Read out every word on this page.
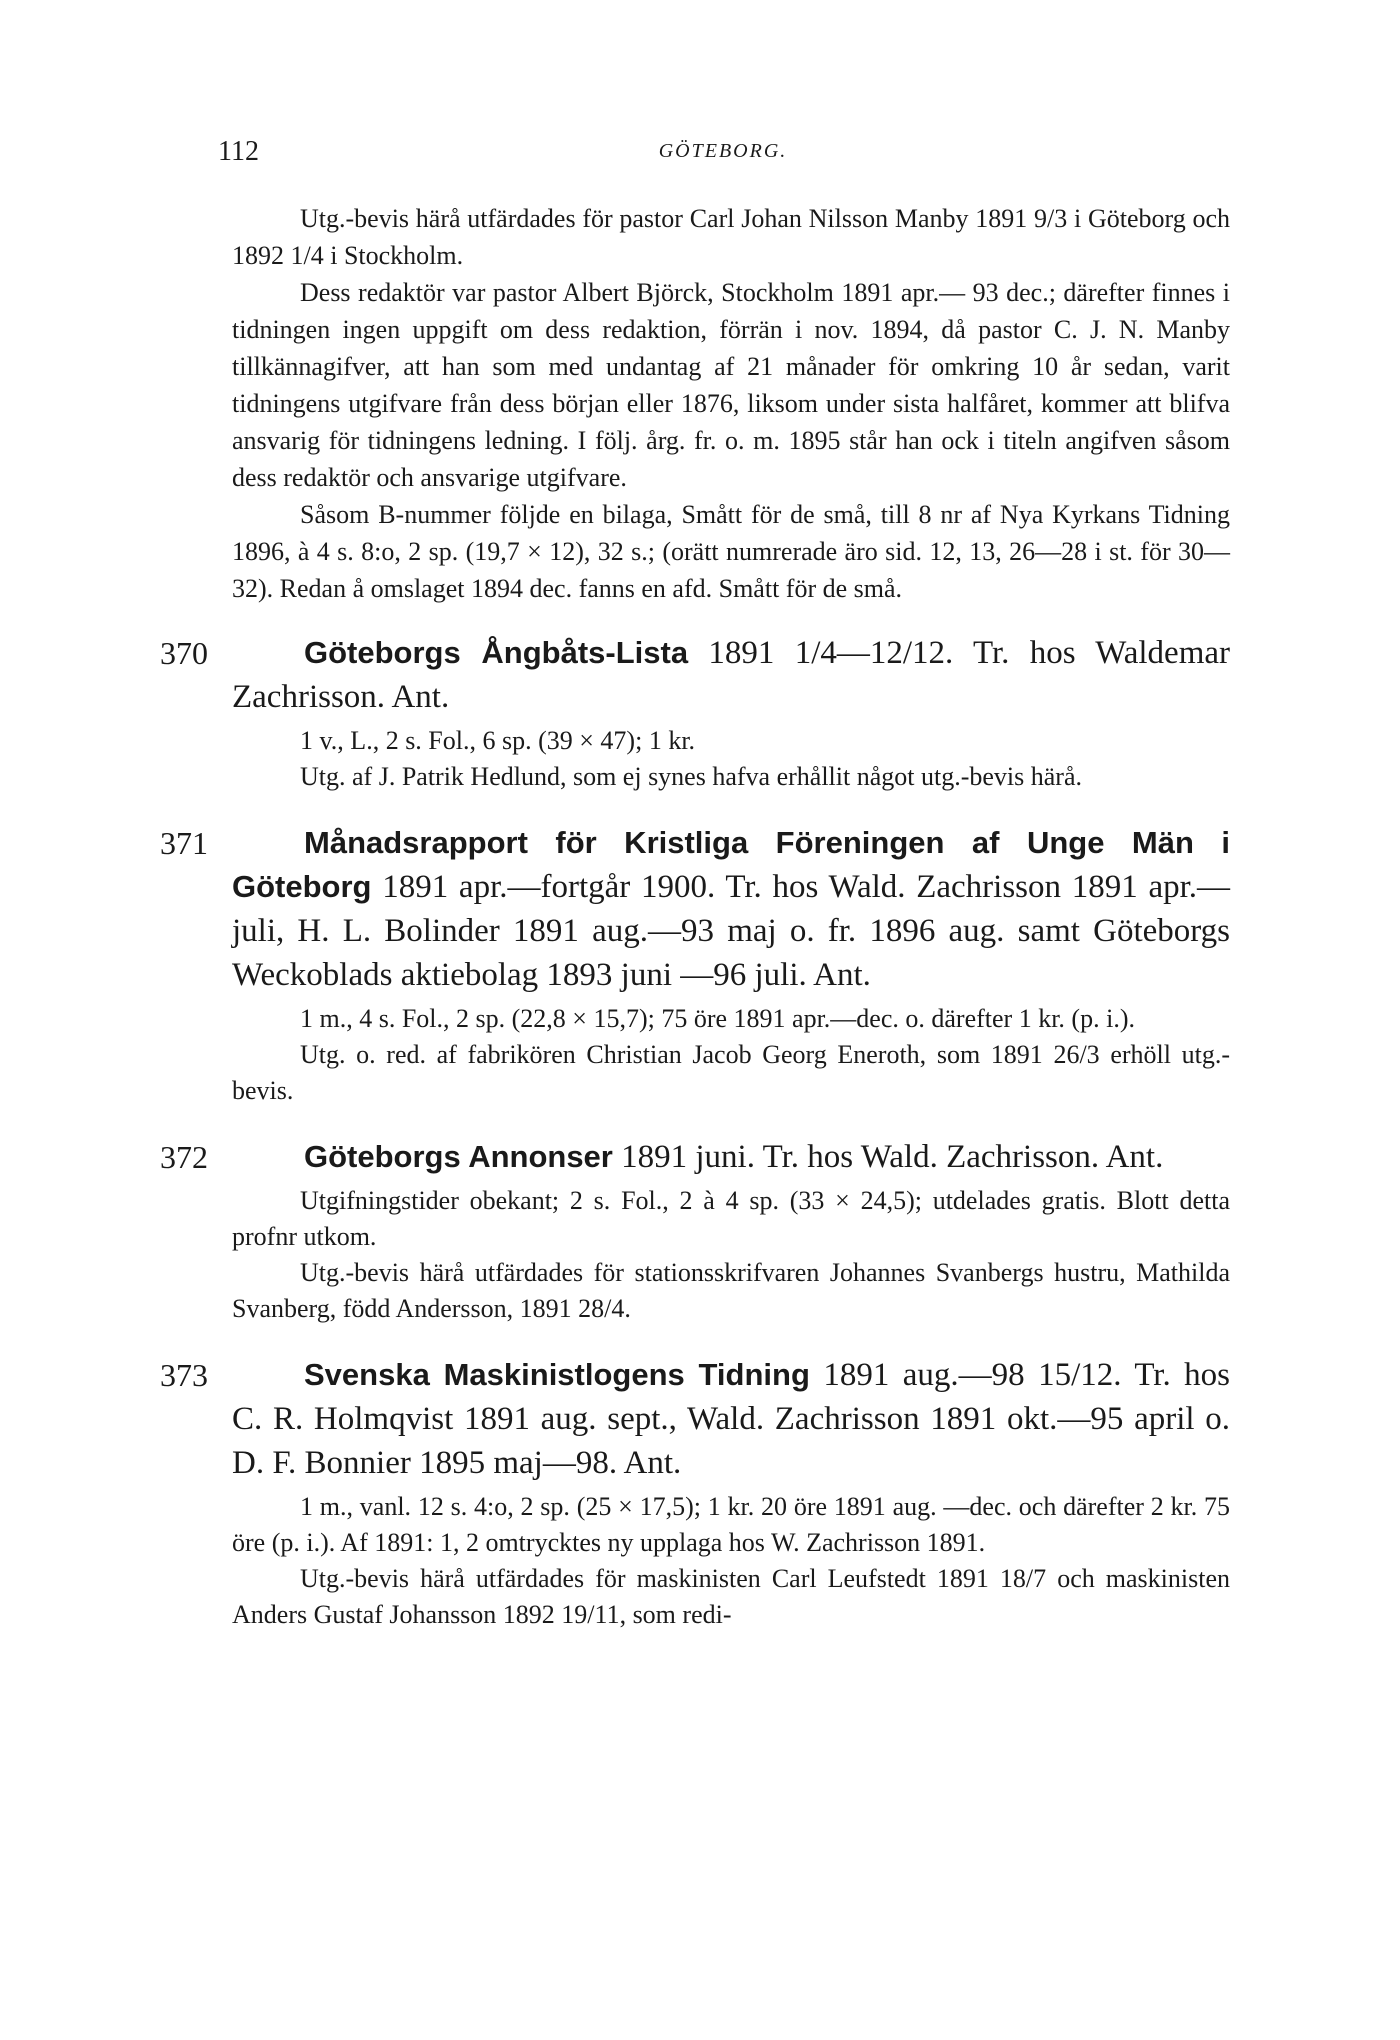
112	GÖTEBORG.

Utg.-bevis härå utfärdades för pastor Carl Johan Nilsson Manby 1891 9/3 i Göteborg och 1892 1/4 i Stockholm.

Dess redaktör var pastor Albert Björck, Stockholm 1891 apr.— 93 dec.; därefter finnes i tidningen ingen uppgift om dess redaktion, förrän i nov. 1894, då pastor C. J. N. Manby tillkännagifver, att han som med undantag af 21 månader för omkring 10 år sedan, varit tidningens utgifvare från dess början eller 1876, liksom under sista halfåret, kommer att blifva ansvarig för tidningens ledning. I följ. årg. fr. o. m. 1895 står han ock i titeln angifven såsom dess redaktör och ansvarige utgifvare.

Såsom B-nummer följde en bilaga, Smått för de små, till 8 nr af Nya Kyrkans Tidning 1896, à 4 s. 8:o, 2 sp. (19,7 × 12), 32 s.; (orätt numrerade äro sid. 12, 13, 26—28 i st. för 30—32). Redan å omslaget 1894 dec. fanns en afd. Smått för de små.

370	Göteborgs Ångbåts-Lista 1891 1/4—12/12. Tr. hos Waldemar Zachrisson. Ant.

1 v., L., 2 s. Fol., 6 sp. (39 × 47); 1 kr.

Utg. af J. Patrik Hedlund, som ej synes hafva erhållit något utg.-bevis härå.

371	Månadsrapport för Kristliga Föreningen af Unge Män i Göteborg 1891 apr.—fortgår 1900. Tr. hos Wald. Zachrisson 1891 apr.—juli, H. L. Bolinder 1891 aug.—93 maj o. fr. 1896 aug. samt Göteborgs Weckoblads aktiebolag 1893 juni —96 juli. Ant.

1 m., 4 s. Fol., 2 sp. (22,8 × 15,7); 75 öre 1891 apr.—dec. o. därefter 1 kr. (p. i.).

Utg. o. red. af fabrikören Christian Jacob Georg Eneroth, som 1891 26/3 erhöll utg.-bevis.

372	Göteborgs Annonser 1891 juni. Tr. hos Wald. Zachrisson. Ant.

Utgifningstider obekant; 2 s. Fol., 2 à 4 sp. (33 × 24,5); utdelades gratis. Blott detta profnr utkom.

Utg.-bevis härå utfärdades för stationsskrifvaren Johannes Svanbergs hustru, Mathilda Svanberg, född Andersson, 1891 28/4.

373	Svenska Maskinistlogens Tidning 1891 aug.—98 15/12. Tr. hos C. R. Holmqvist 1891 aug. sept., Wald. Zachrisson 1891 okt.—95 april o. D. F. Bonnier 1895 maj—98. Ant.

1 m., vanl. 12 s. 4:o, 2 sp. (25 × 17,5); 1 kr. 20 öre 1891 aug. —dec. och därefter 2 kr. 75 öre (p. i.). Af 1891: 1, 2 omtrycktes ny upplaga hos W. Zachrisson 1891.

Utg.-bevis härå utfärdades för maskinisten Carl Leufstedt 1891 18/7 och maskinisten Anders Gustaf Johansson 1892 19/11, som redi-
